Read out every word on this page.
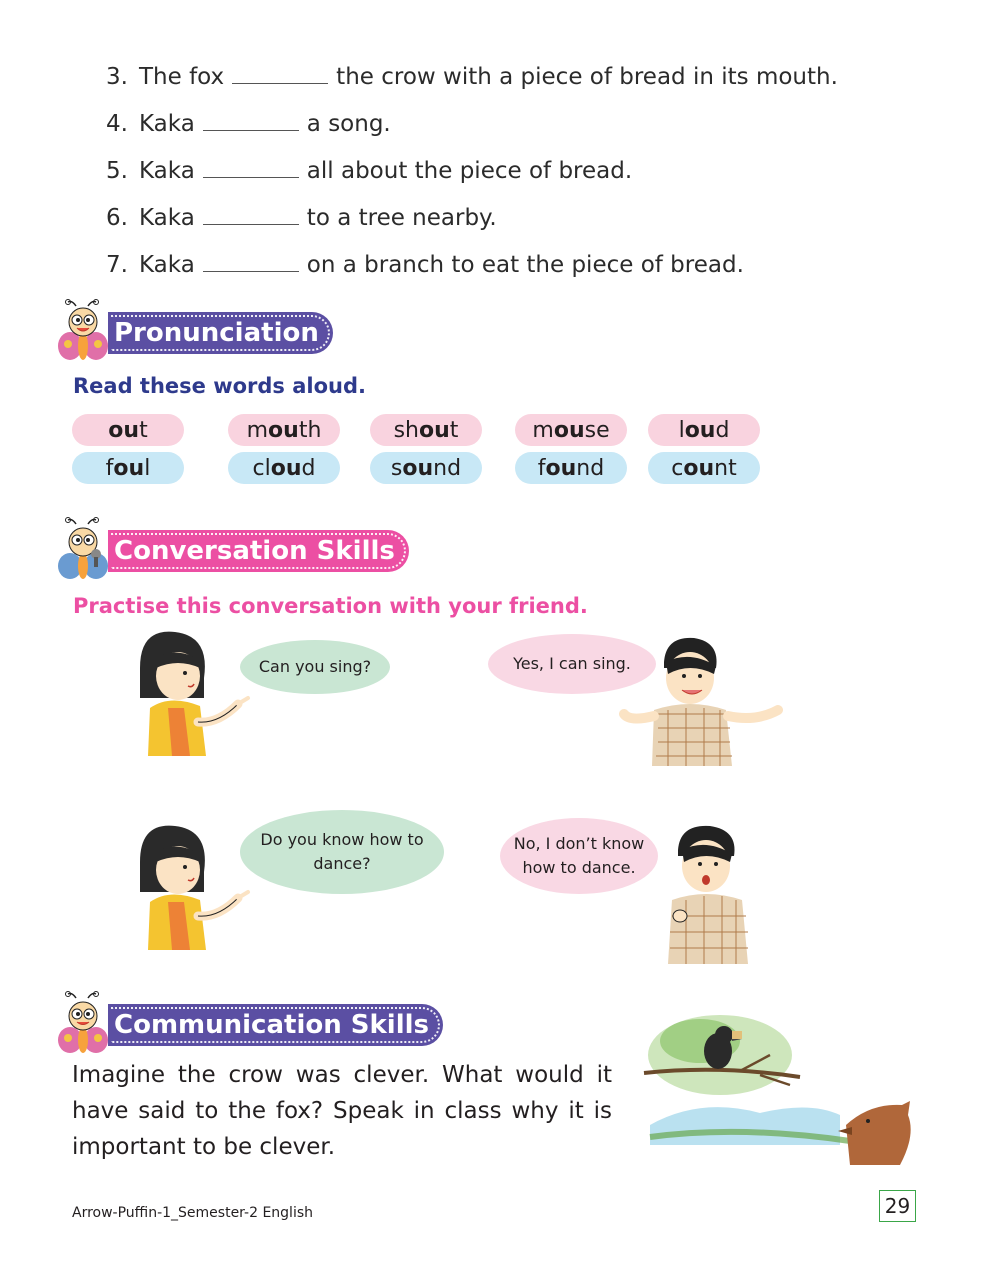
3. The fox	the crow with a piece of bread in its mouth.
4. Kaka	a song.
5. Kaka	all about the piece of bread.
6. Kaka	to a tree nearby.
7. Kaka	on a branch to eat the piece of bread.
Pronunciation
Read these words aloud.
ou t	m ou th	sh ou t	m ou se	l ou d
f ou l	cl ou d	s ou nd	f ou nd	c ou nt
Conversation Skills
Practise this conversation with your friend.
Can you sing?	Yes, I can sing.
Do you know how to
dance?
No, I don’t know
how to dance.
Communication Skills
Imagine the crow was clever. What would it have said to the fox? Speak in class why it is important to be clever.
Arrow-Puffin-1_Semester-2 English	29
